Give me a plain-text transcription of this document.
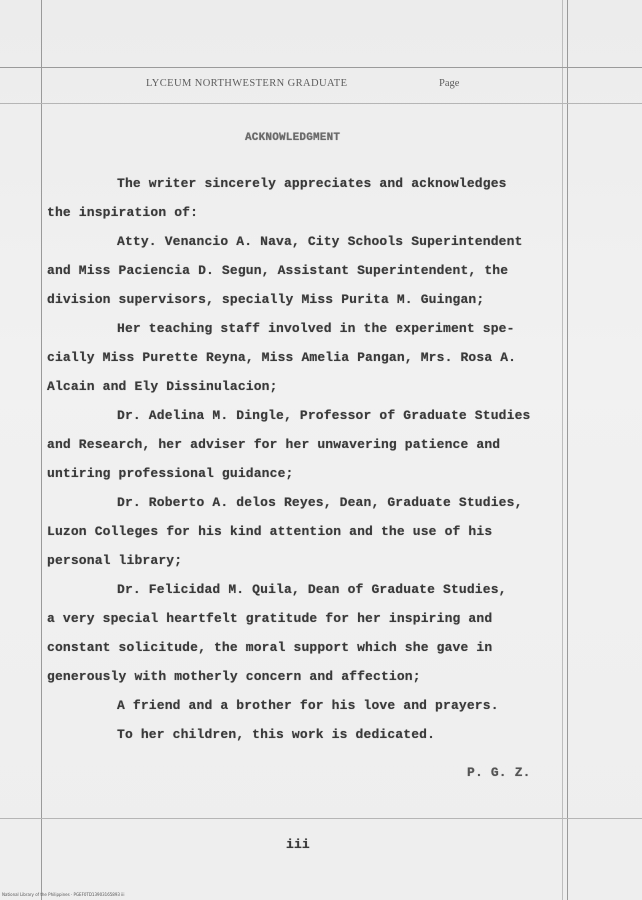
LYCEUM NORTHWESTERN GRADUATE	Page
ACKNOWLEDGMENT
The writer sincerely appreciates and acknowledges
the inspiration of:
Atty. Venancio A. Nava, City Schools Superintendent
and Miss Paciencia D. Segun, Assistant Superintendent, the
division supervisors, specially Miss Purita M. Guingan;
Her teaching staff involved in the experiment spe-
cially Miss Purette Reyna, Miss Amelia Pangan, Mrs. Rosa A.
Alcain and Ely Dissinulacion;
Dr. Adelina M. Dingle, Professor of Graduate Studies
and Research, her adviser for her unwavering patience and
untiring professional guidance;
Dr. Roberto A. delos Reyes, Dean, Graduate Studies,
Luzon Colleges for his kind attention and the use of his
personal library;
Dr. Felicidad M. Quila, Dean of Graduate Studies,
a very special heartfelt gratitude for her inspiring and
constant solicitude, the moral support which she gave in
generously with motherly concern and affection;
A friend and a brother for his love and prayers.
To her children, this work is dedicated.
P. G. Z.
iii
National Library of the Philippines · PGEF0TD13903165893 iii
